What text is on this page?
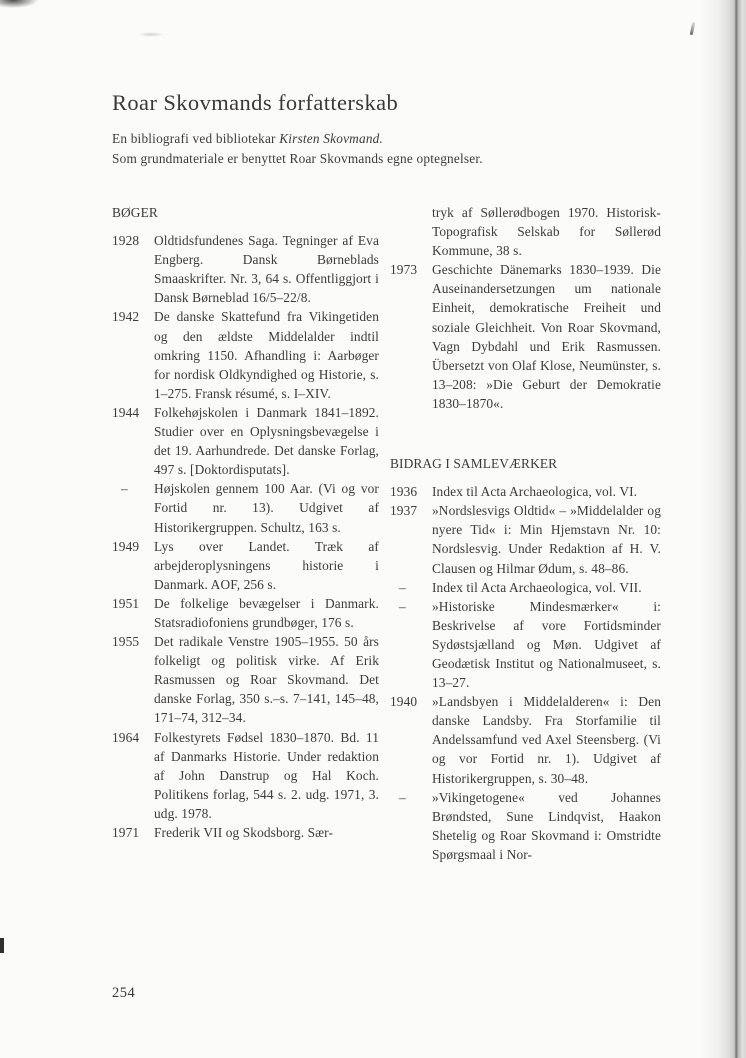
Roar Skovmands forfatterskab

En bibliografi ved bibliotekar Kirsten Skovmand.
Som grundmateriale er benyttet Roar Skovmands egne optegnelser.

BØGER
1928 Oldtidsfundenes Saga. Tegninger af Eva Engberg. Dansk Børneblads Smaaskrifter. Nr. 3, 64 s. Offentliggjort i Dansk Børneblad 16/5–22/8.
1942 De danske Skattefund fra Vikingetiden og den ældste Middelalder indtil omkring 1150. Afhandling i: Aarbøger for nordisk Oldkyndighed og Historie, s. 1–275. Fransk résumé, s. I–XIV.
1944 Folkehøjskolen i Danmark 1841–1892. Studier over en Oplysningsbevægelse i det 19. Aarhundrede. Det danske Forlag, 497 s. [Doktordisputats].
– Højskolen gennem 100 Aar. (Vi og vor Fortid nr. 13). Udgivet af Historikergruppen. Schultz, 163 s.
1949 Lys over Landet. Træk af arbejderoplysningens historie i Danmark. AOF, 256 s.
1951 De folkelige bevægelser i Danmark. Statsradiofoniens grundbøger, 176 s.
1955 Det radikale Venstre 1905–1955. 50 års folkeligt og politisk virke. Af Erik Rasmussen og Roar Skovmand. Det danske Forlag, 350 s.–s. 7–141, 145–48, 171–74, 312–34.
1964 Folkestyrets Fødsel 1830–1870. Bd. 11 af Danmarks Historie. Under redaktion af John Danstrup og Hal Koch. Politikens forlag, 544 s. 2. udg. 1971, 3. udg. 1978.
1971 Frederik VII og Skodsborg. Sær-
tryk af Søllerødbogen 1970. Historisk-Topografisk Selskab for Søllerød Kommune, 38 s.
1973 Geschichte Dänemarks 1830–1939. Die Auseinandersetzungen um nationale Einheit, demokratische Freiheit und soziale Gleichheit. Von Roar Skovmand, Vagn Dybdahl und Erik Rasmussen. Übersetzt von Olaf Klose, Neumünster, s. 13–208: »Die Geburt der Demokratie 1830–1870«.
BIDRAG I SAMLEVÆRKER
1936 Index til Acta Archaeologica, vol. VI.
1937 »Nordslesvigs Oldtid« – »Middelalder og nyere Tid« i: Min Hjemstavn Nr. 10: Nordslesvig. Under Redaktion af H. V. Clausen og Hilmar Ødum, s. 48–86.
– Index til Acta Archaeologica, vol. VII.
– »Historiske Mindesmærker« i: Beskrivelse af vore Fortidsminder Sydøstsjælland og Møn. Udgivet af Geodætisk Institut og Nationalmuseet, s. 13–27.
1940 »Landsbyen i Middelalderen« i: Den danske Landsby. Fra Storfamilie til Andelssamfund ved Axel Steensberg. (Vi og vor Fortid nr. 1). Udgivet af Historikergruppen, s. 30–48.
– »Vikingetogene« ved Johannes Brøndsted, Sune Lindqvist, Haakon Shetelig og Roar Skovmand i: Omstridte Spørgsmaal i Nor-
254
